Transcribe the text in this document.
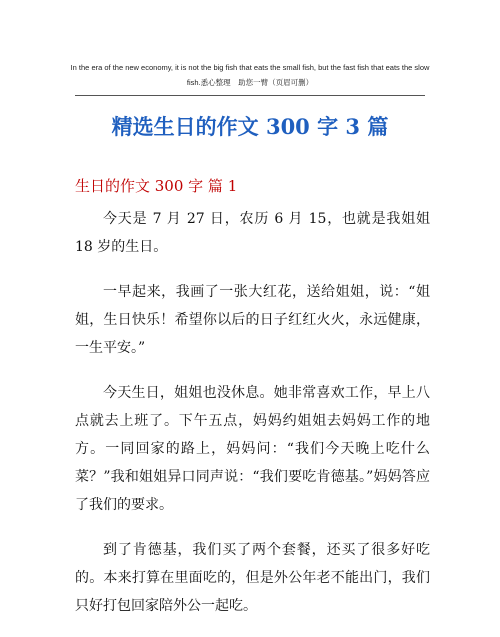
In the era of the new economy, it is not the big fish that eats the small fish, but the fast fish that eats the slow
fish.悉心整理　助您一臂（页眉可删）
精选生日的作文 300 字 3 篇
生日的作文 300 字 篇 1

今天是 7 月 27 日，农历 6 月 15，也就是我姐姐 18 岁的生日。

一早起来，我画了一张大红花，送给姐姐，说：“姐姐，生日快乐！希望你以后的日子红红火火，永远健康，一生平安。”

今天生日，姐姐也没休息。她非常喜欢工作，早上八点就去上班了。下午五点，妈妈约姐姐去妈妈工作的地方。一同回家的路上，妈妈问：“我们今天晚上吃什么菜？”我和姐姐异口同声说：“我们要吃肯德基。”妈妈答应了我们的要求。

到了肯德基，我们买了两个套餐，还买了很多好吃的。本来打算在里面吃的，但是外公年老不能出门，我们只好打包回家陪外公一起吃。
